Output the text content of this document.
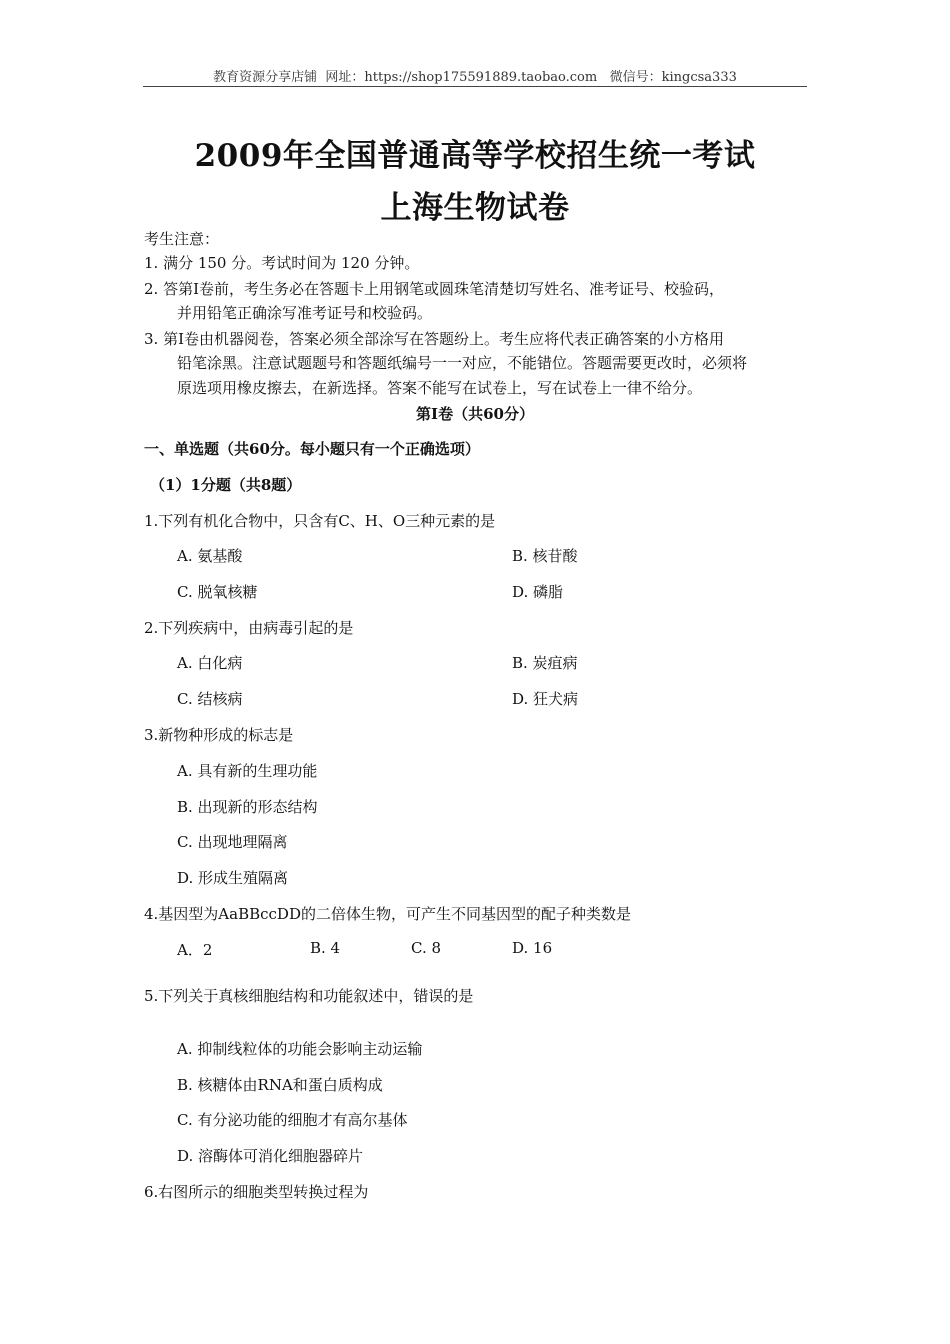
教育资源分享店铺 网址：https://shop175591889.taobao.com 微信号：kingcsa333
2009年全国普通高等学校招生统一考试
上海生物试卷
考生注意：
1. 满分 150 分。考试时间为 120 分钟。
2. 答第Ⅰ卷前，考生务必在答题卡上用钢笔或圆珠笔清楚切写姓名、准考证号、校验码，
并用铅笔正确涂写准考证号和校验码。
3. 第Ⅰ卷由机器阅卷，答案必须全部涂写在答题纷上。考生应将代表正确答案的小方格用
铅笔涂黑。注意试题题号和答题纸编号一一对应，不能错位。答题需要更改时，必须将
原选项用橡皮擦去，在新选择。答案不能写在试卷上，写在试卷上一律不给分。
第Ⅰ卷（共60分）
一、单选题（共60分。每小题只有一个正确选项）
（1）1分题（共8题）
1.下列有机化合物中，只含有C、H、O三种元素的是
A. 氨基酸	B. 核苷酸
C. 脱氧核糖	D. 磷脂
2.下列疾病中，由病毒引起的是
A. 白化病	B. 炭疽病
C. 结核病	D. 狂犬病
3.新物种形成的标志是
A. 具有新的生理功能
B. 出现新的形态结构
C. 出现地理隔离
D. 形成生殖隔离
4.基因型为AaBBccDD的二倍体生物，可产生不同基因型的配子种类数是
A．2	B. 4	C. 8	D. 16
5.下列关于真核细胞结构和功能叙述中，错误的是
A. 抑制线粒体的功能会影响主动运输
B. 核糖体由RNA和蛋白质构成
C. 有分泌功能的细胞才有高尔基体
D. 溶酶体可消化细胞器碎片
6.右图所示的细胞类型转换过程为
